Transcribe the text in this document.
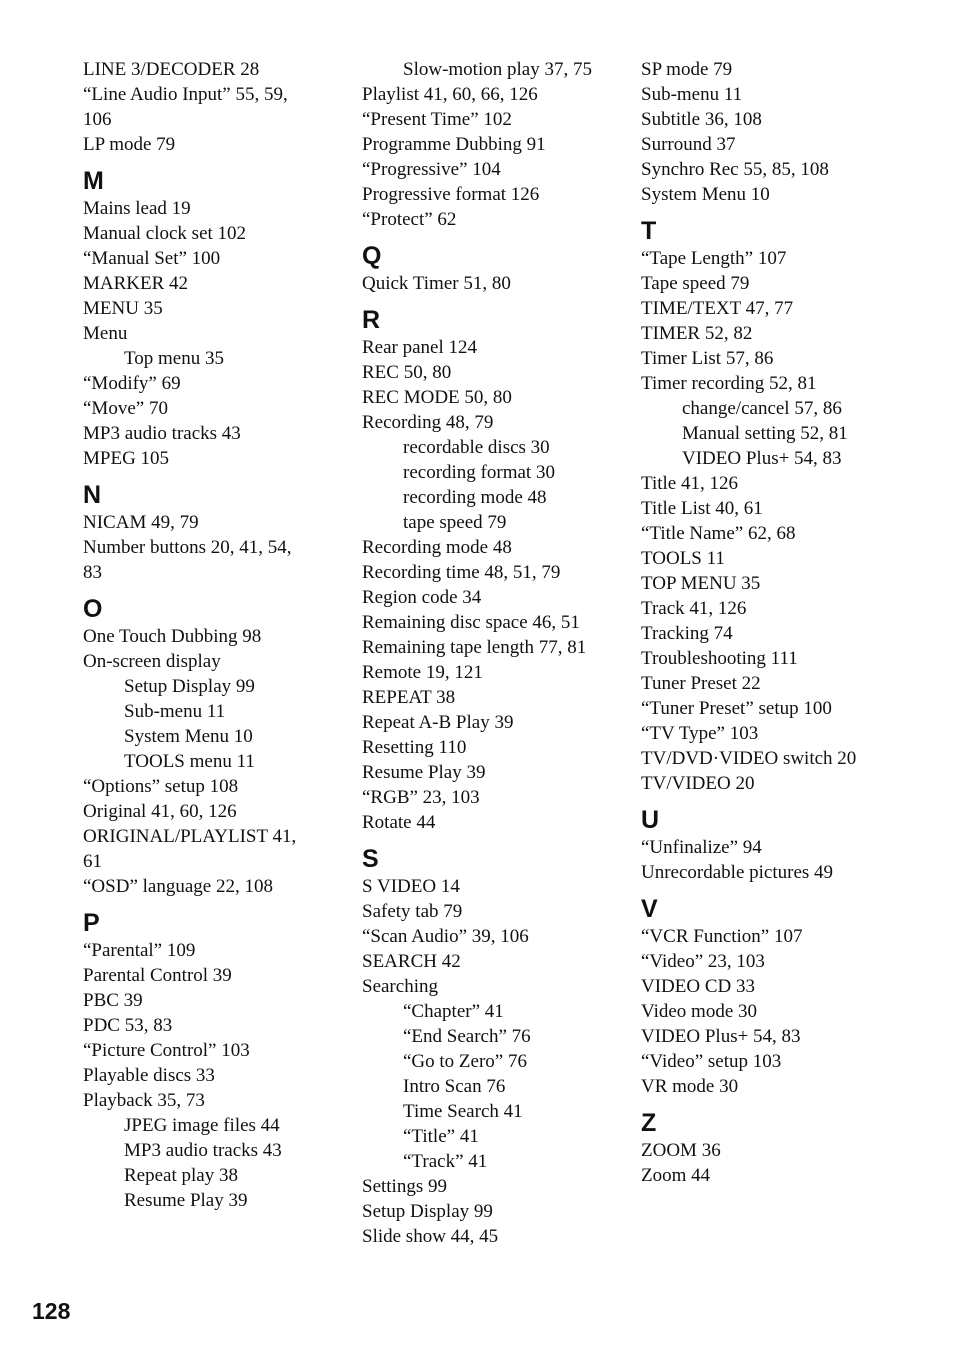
LINE 3/DECODER 28
“Line Audio Input” 55, 59,
106
LP mode 79
M
Mains lead 19
Manual clock set 102
“Manual Set” 100
MARKER 42
MENU 35
Menu
Top menu 35
“Modify” 69
“Move” 70
MP3 audio tracks 43
MPEG 105
N
NICAM 49, 79
Number buttons 20, 41, 54,
83
O
One Touch Dubbing 98
On-screen display
Setup Display 99
Sub-menu 11
System Menu 10
TOOLS menu 11
“Options” setup 108
Original 41, 60, 126
ORIGINAL/PLAYLIST 41,
61
“OSD” language 22, 108
P
“Parental” 109
Parental Control 39
PBC 39
PDC 53, 83
“Picture Control” 103
Playable discs 33
Playback 35, 73
JPEG image files 44
MP3 audio tracks 43
Repeat play 38
Resume Play 39
Slow-motion play 37, 75
Playlist 41, 60, 66, 126
“Present Time” 102
Programme Dubbing 91
“Progressive” 104
Progressive format 126
“Protect” 62
Q
Quick Timer 51, 80
R
Rear panel 124
REC 50, 80
REC MODE 50, 80
Recording 48, 79
recordable discs 30
recording format 30
recording mode 48
tape speed 79
Recording mode 48
Recording time 48, 51, 79
Region code 34
Remaining disc space 46, 51
Remaining tape length 77, 81
Remote 19, 121
REPEAT 38
Repeat A-B Play 39
Resetting 110
Resume Play 39
“RGB” 23, 103
Rotate 44
S
S VIDEO 14
Safety tab 79
“Scan Audio” 39, 106
SEARCH 42
Searching
“Chapter” 41
“End Search” 76
“Go to Zero” 76
Intro Scan 76
Time Search 41
“Title” 41
“Track” 41
Settings 99
Setup Display 99
Slide show 44, 45
SP mode 79
Sub-menu 11
Subtitle 36, 108
Surround 37
Synchro Rec 55, 85, 108
System Menu 10
T
“Tape Length” 107
Tape speed 79
TIME/TEXT 47, 77
TIMER 52, 82
Timer List 57, 86
Timer recording 52, 81
change/cancel 57, 86
Manual setting 52, 81
VIDEO Plus+ 54, 83
Title 41, 126
Title List 40, 61
“Title Name” 62, 68
TOOLS 11
TOP MENU 35
Track 41, 126
Tracking 74
Troubleshooting 111
Tuner Preset 22
“Tuner Preset” setup 100
“TV Type” 103
TV/DVD·VIDEO switch 20
TV/VIDEO 20
U
“Unfinalize” 94
Unrecordable pictures 49
V
“VCR Function” 107
“Video” 23, 103
VIDEO CD 33
Video mode 30
VIDEO Plus+ 54, 83
“Video” setup 103
VR mode 30
Z
ZOOM 36
Zoom 44
128
